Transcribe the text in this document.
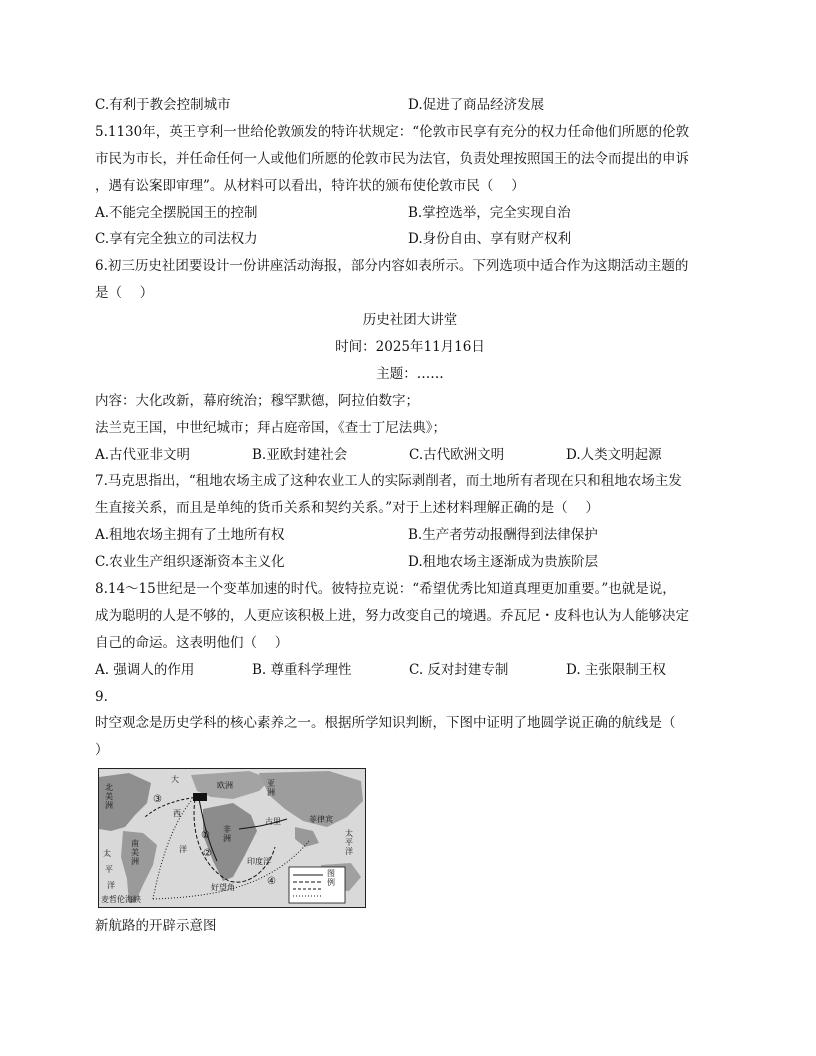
C.有利于教会控制城市	D.促进了商品经济发展
5.1130年，英王亨利一世给伦敦颁发的特许状规定：“伦敦市民享有充分的权力任命他们所愿的伦敦
市民为市长，并任命任何一人或他们所愿的伦敦市民为法官，负责处理按照国王的法令而提出的申诉
，遇有讼案即审理”。从材料可以看出，特许状的颁布使伦敦市民（　 ）
A.不能完全摆脱国王的控制	B.掌控选举，完全实现自治
C.享有完全独立的司法权力	D.身份自由、享有财产权利
6.初三历史社团要设计一份讲座活动海报，部分内容如表所示。下列选项中适合作为这期活动主题的
是（　 ）
历史社团大讲堂
时间：2025年11月16日
主题：……
内容：大化改新，幕府统治；穆罕默德，阿拉伯数字；
法兰克王国，中世纪城市；拜占庭帝国，《查士丁尼法典》；
A.古代亚非文明	B.亚欧封建社会	C.古代欧洲文明	D.人类文明起源
7.马克思指出，“租地农场主成了这种农业工人的实际剥削者，而土地所有者现在只和租地农场主发
生直接关系，而且是单纯的货币关系和契约关系。”对于上述材料理解正确的是（　 ）
A.租地农场主拥有了土地所有权	B.生产者劳动报酬得到法律保护
C.农业生产组织逐渐资本主义化	D.租地农场主逐渐成为贵族阶层
8.14～15世纪是一个变革加速的时代。彼特拉克说：“希望优秀比知道真理更加重要。”也就是说，
成为聪明的人是不够的，人更应该积极上进，努力改变自己的境遇。乔瓦尼・皮科也认为人能够决定
自己的命运。这表明他们（　 ）
A. 强调人的作用	B. 尊重科学理性	C. 反对封建专制	D. 主张限制王权
9.
时空观念是历史学科的核心素养之一。根据所学知识判断，下图中证明了地圆学说正确的航线是（
）
北美洲
南美洲
欧洲
非洲
亚洲
大
西
洋
太
平
洋
印度洋
太平洋
好望角
古里
麦哲伦海峡
菲律宾
③
①
②
④
图例
新航路的开辟示意图
